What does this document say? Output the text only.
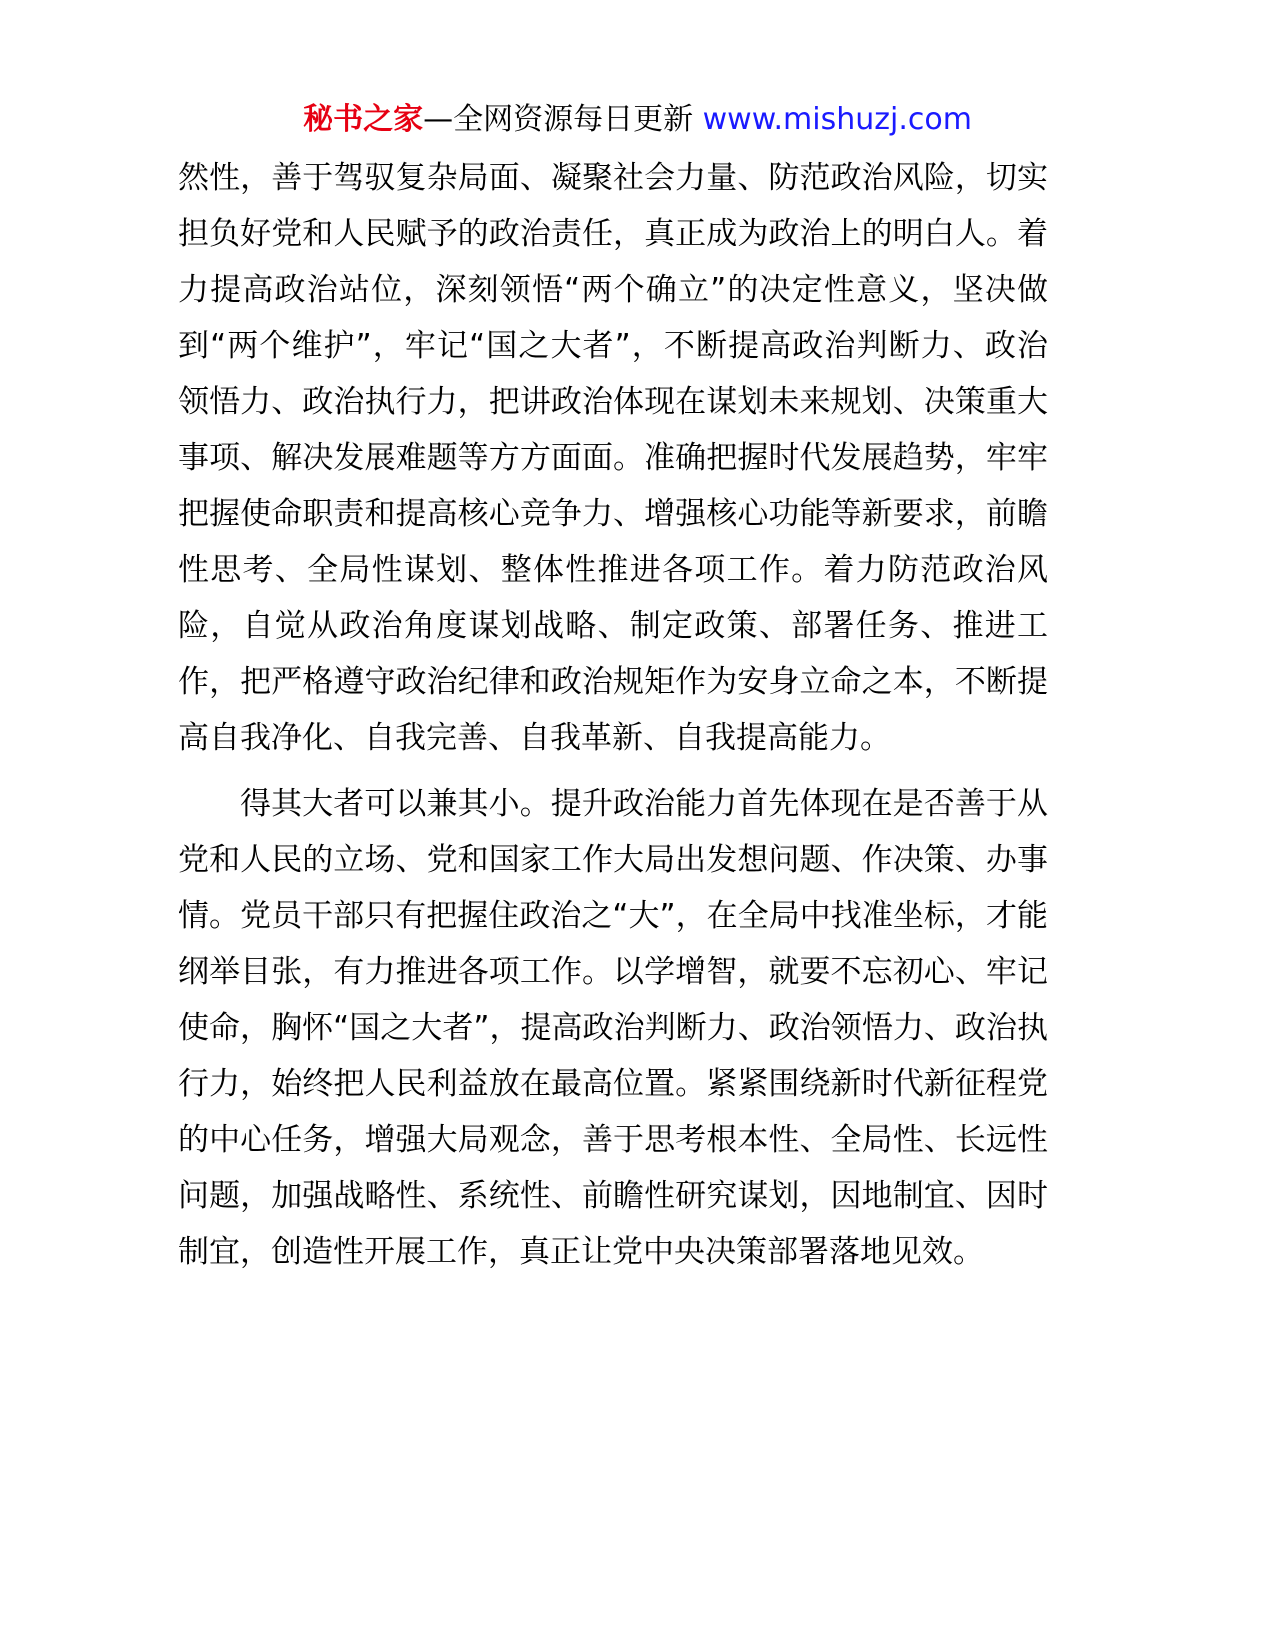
秘书之家—全网资源每日更新 www.mishuzj.com

然性，善于驾驭复杂局面、凝聚社会力量、防范政治风险，切实担负好党和人民赋予的政治责任，真正成为政治上的明白人。着力提高政治站位，深刻领悟“两个确立”的决定性意义，坚决做到“两个维护”，牢记“国之大者”，不断提高政治判断力、政治领悟力、政治执行力，把讲政治体现在谋划未来规划、决策重大事项、解决发展难题等方方面面。准确把握时代发展趋势，牢牢把握使命职责和提高核心竞争力、增强核心功能等新要求，前瞻性思考、全局性谋划、整体性推进各项工作。着力防范政治风险，自觉从政治角度谋划战略、制定政策、部署任务、推进工作，把严格遵守政治纪律和政治规矩作为安身立命之本，不断提高自我净化、自我完善、自我革新、自我提高能力。

得其大者可以兼其小。提升政治能力首先体现在是否善于从党和人民的立场、党和国家工作大局出发想问题、作决策、办事情。党员干部只有把握住政治之“大”，在全局中找准坐标，才能纲举目张，有力推进各项工作。以学增智，就要不忘初心、牢记使命，胸怀“国之大者”，提高政治判断力、政治领悟力、政治执行力，始终把人民利益放在最高位置。紧紧围绕新时代新征程党的中心任务，增强大局观念，善于思考根本性、全局性、长远性问题，加强战略性、系统性、前瞻性研究谋划，因地制宜、因时制宜，创造性开展工作，真正让党中央决策部署落地见效。
